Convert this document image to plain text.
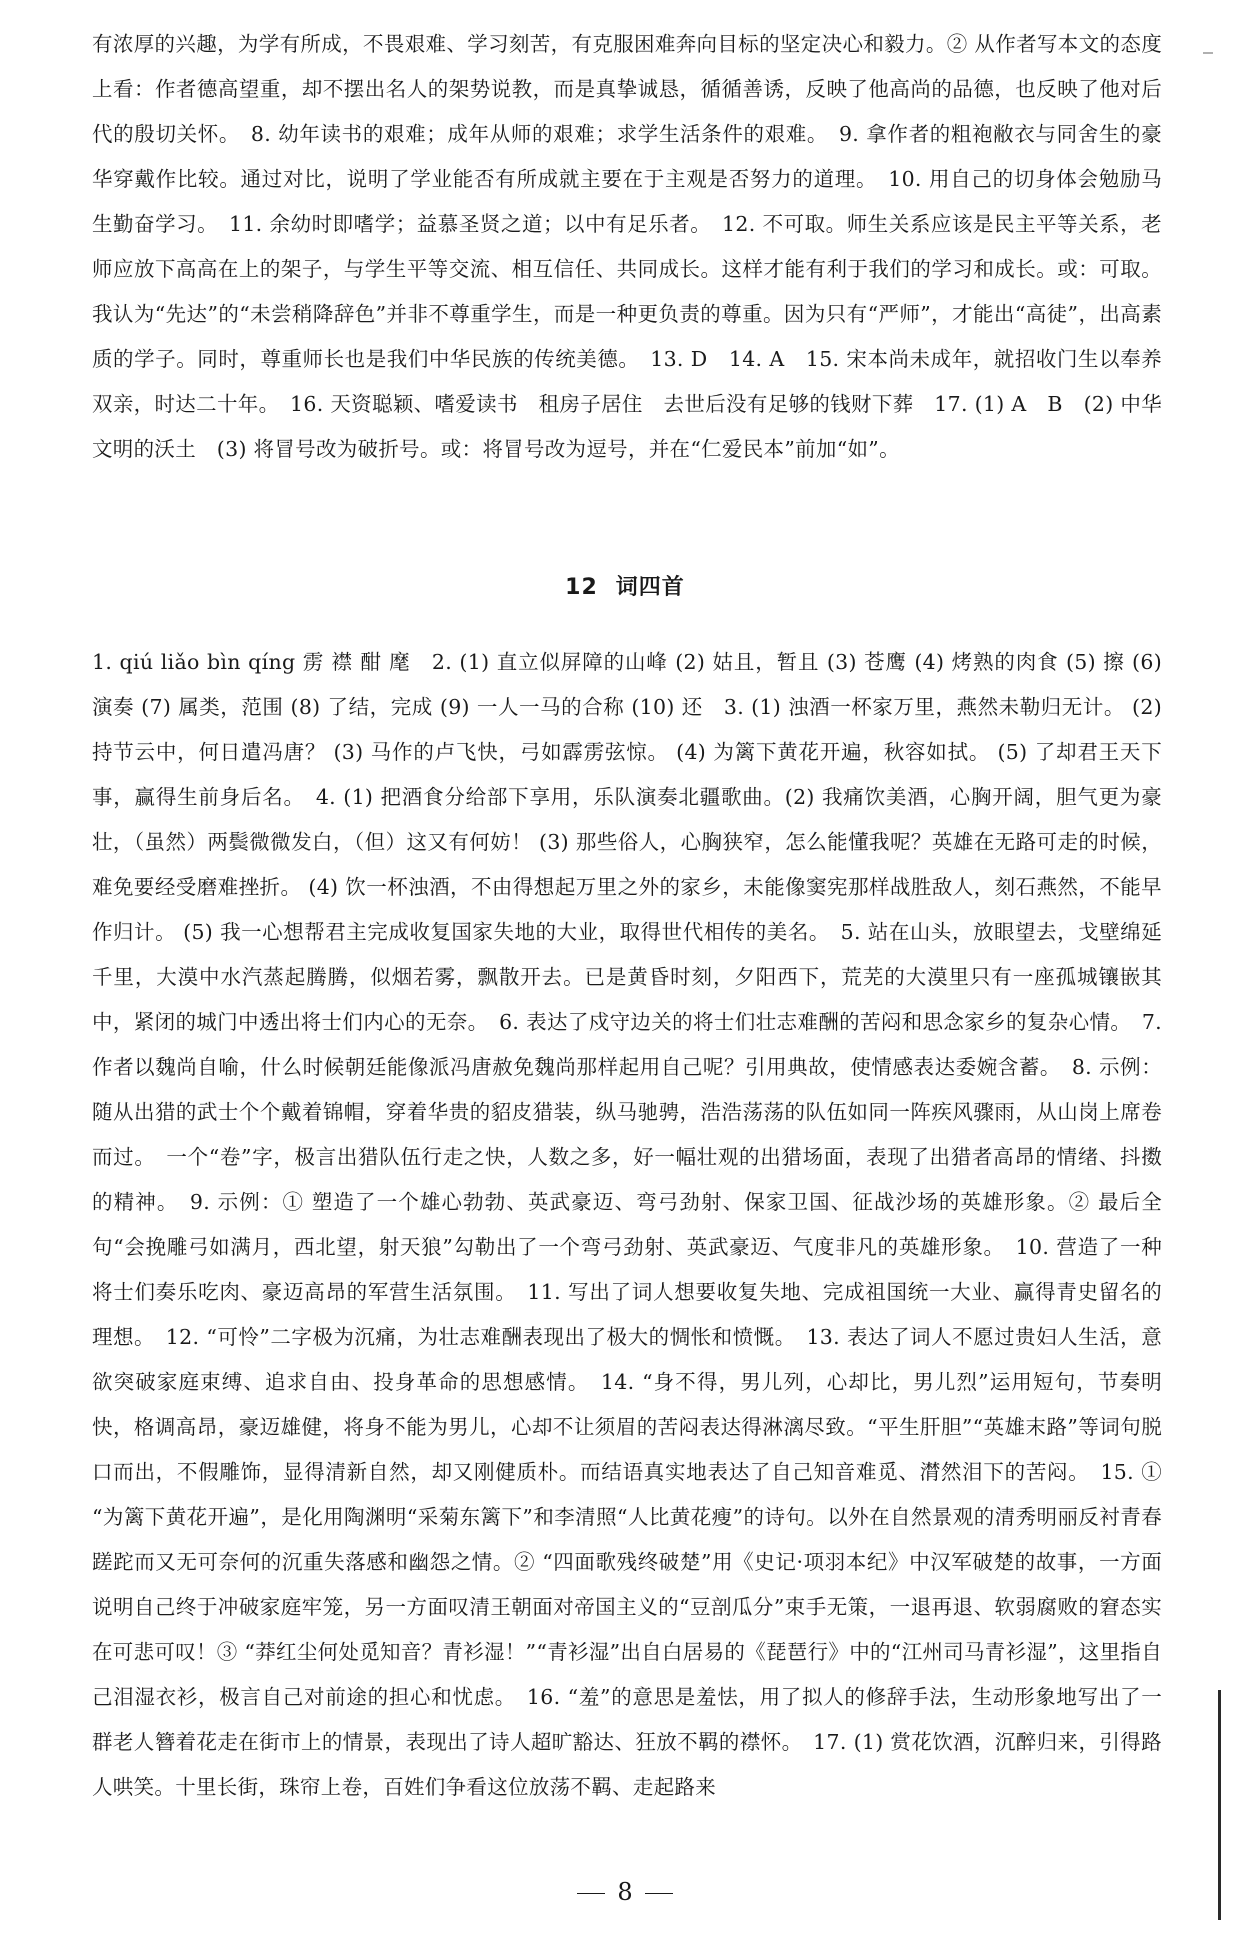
有浓厚的兴趣，为学有所成，不畏艰难、学习刻苦，有克服困难奔向目标的坚定决心和毅力。② 从作者写本文的态度上看：作者德高望重，却不摆出名人的架势说教，而是真挚诚恳，循循善诱，反映了他高尚的品德，也反映了他对后代的殷切关怀。　8. 幼年读书的艰难；成年从师的艰难；求学生活条件的艰难。　9. 拿作者的粗袍敝衣与同舍生的豪华穿戴作比较。通过对比，说明了学业能否有所成就主要在于主观是否努力的道理。　10. 用自己的切身体会勉励马生勤奋学习。　11. 余幼时即嗜学；益慕圣贤之道；以中有足乐者。　12. 不可取。师生关系应该是民主平等关系，老师应放下高高在上的架子，与学生平等交流、相互信任、共同成长。这样才能有利于我们的学习和成长。或：可取。我认为“先达”的“未尝稍降辞色”并非不尊重学生，而是一种更负责的尊重。因为只有“严师”，才能出“高徒”，出高素质的学子。同时，尊重师长也是我们中华民族的传统美德。　13. D　14. A　15. 宋本尚未成年，就招收门生以奉养双亲，时达二十年。　16. 天资聪颖、嗜爱读书　租房子居住　去世后没有足够的钱财下葬　17. (1) A　B　(2) 中华文明的沃土　(3) 将冒号改为破折号。或：将冒号改为逗号，并在“仁爱民本”前加“如”。
12 词四首
1. qiú liǎo bìn qíng 雳 襟 酣 麾　2. (1) 直立似屏障的山峰 (2) 姑且，暂且 (3) 苍鹰 (4) 烤熟的肉食 (5) 擦 (6) 演奏 (7) 属类，范围 (8) 了结，完成 (9) 一人一马的合称 (10) 还　3. (1) 浊酒一杯家万里，燕然未勒归无计。 (2) 持节云中，何日遣冯唐？ (3) 马作的卢飞快，弓如霹雳弦惊。 (4) 为篱下黄花开遍，秋容如拭。 (5) 了却君王天下事，赢得生前身后名。　4. (1) 把酒食分给部下享用，乐队演奏北疆歌曲。(2) 我痛饮美酒，心胸开阔，胆气更为豪壮，（虽然）两鬓微微发白，（但）这又有何妨！ (3) 那些俗人，心胸狭窄，怎么能懂我呢？英雄在无路可走的时候，难免要经受磨难挫折。 (4) 饮一杯浊酒，不由得想起万里之外的家乡，未能像窦宪那样战胜敌人，刻石燕然，不能早作归计。 (5) 我一心想帮君主完成收复国家失地的大业，取得世代相传的美名。　5. 站在山头，放眼望去，戈壁绵延千里，大漠中水汽蒸起腾腾，似烟若雾，飘散开去。已是黄昏时刻，夕阳西下，荒芜的大漠里只有一座孤城镶嵌其中，紧闭的城门中透出将士们内心的无奈。　6. 表达了戍守边关的将士们壮志难酬的苦闷和思念家乡的复杂心情。　7. 作者以魏尚自喻，什么时候朝廷能像派冯唐赦免魏尚那样起用自己呢？引用典故，使情感表达委婉含蓄。　8. 示例：随从出猎的武士个个戴着锦帽，穿着华贵的貂皮猎装，纵马驰骋，浩浩荡荡的队伍如同一阵疾风骤雨，从山岗上席卷而过。　一个“卷”字，极言出猎队伍行走之快，人数之多，好一幅壮观的出猎场面，表现了出猎者高昂的情绪、抖擞的精神。　9. 示例：① 塑造了一个雄心勃勃、英武豪迈、弯弓劲射、保家卫国、征战沙场的英雄形象。② 最后全句“会挽雕弓如满月，西北望，射天狼”勾勒出了一个弯弓劲射、英武豪迈、气度非凡的英雄形象。　10. 营造了一种将士们奏乐吃肉、豪迈高昂的军营生活氛围。　11. 写出了词人想要收复失地、完成祖国统一大业、赢得青史留名的理想。　12. “可怜”二字极为沉痛，为壮志难酬表现出了极大的惆怅和愤慨。　13. 表达了词人不愿过贵妇人生活，意欲突破家庭束缚、追求自由、投身革命的思想感情。　14. “身不得，男儿列，心却比，男儿烈”运用短句，节奏明快，格调高昂，豪迈雄健，将身不能为男儿，心却不让须眉的苦闷表达得淋漓尽致。“平生肝胆”“英雄末路”等词句脱口而出，不假雕饰，显得清新自然，却又刚健质朴。而结语真实地表达了自己知音难觅、潸然泪下的苦闷。　15. ① “为篱下黄花开遍”，是化用陶渊明“采菊东篱下”和李清照“人比黄花瘦”的诗句。以外在自然景观的清秀明丽反衬青春蹉跎而又无可奈何的沉重失落感和幽怨之情。② “四面歌残终破楚”用《史记·项羽本纪》中汉军破楚的故事，一方面说明自己终于冲破家庭牢笼，另一方面叹清王朝面对帝国主义的“豆剖瓜分”束手无策，一退再退、软弱腐败的窘态实在可悲可叹！③ “莽红尘何处觅知音？青衫湿！”“青衫湿”出自白居易的《琵琶行》中的“江州司马青衫湿”，这里指自己泪湿衣衫，极言自己对前途的担心和忧虑。　16. “羞”的意思是羞怯，用了拟人的修辞手法，生动形象地写出了一群老人簪着花走在街市上的情景，表现出了诗人超旷豁达、狂放不羁的襟怀。　17. (1) 赏花饮酒，沉醉归来，引得路人哄笑。十里长街，珠帘上卷，百姓们争看这位放荡不羁、走起路来
8
